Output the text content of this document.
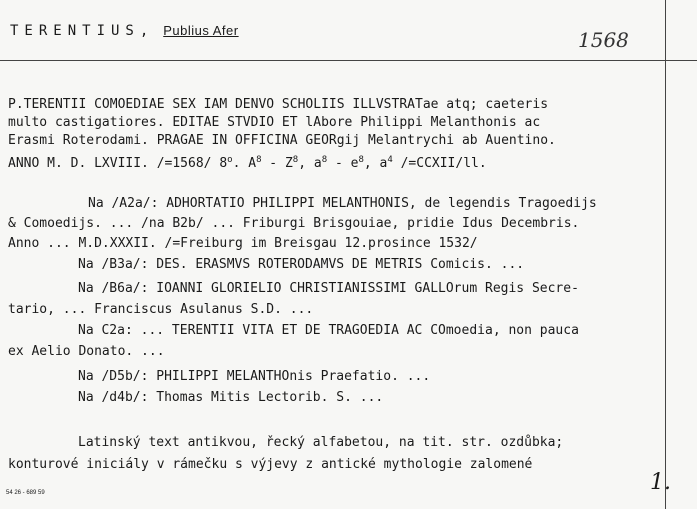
TERENTIUS, Publius Afer	1568
P.TERENTII COMOEDIAE SEX IAM DENVO SCHOLIIS ILLVSTRATae atq; caeteris
multo castigatiores. EDITAE STVDIO ET lAbore Philippi Melanthonis ac
Erasmi Roterodami. PRAGAE IN OFFICINA GEORgij Melantrychi ab Auentino.
ANNO M. D. LXVIII. /=1568/ 8$^o$. $A^8 - Z^8$, $a^8 - e^8$, $a^4$ /=CCXII/ll.
Na /A2a/: ADHORTATIO PHILIPPI MELANTHONIS, de legendis Tragoedijs
& Comoedijs. ... /na B2b/ ... Friburgi Brisgouiae, pridie Idus Decembris.
Anno ... M.D.XXXII. /=Freiburg im Breisgau 12.prosince 1532/
Na /B3a/: DES. ERASMVS ROTERODAMVS DE METRIS Comicis. ...
Na /B6a/: IOANNI GLORIELIO CHRISTIANISSIMI GALLOrum Regis Secre-
tario, ... Franciscus Asulanus S.D. ...
Na C2a: ... TERENTII VITA ET DE TRAGOEDIA AC COmoedia, non pauca
ex Aelio Donato. ...
Na /D5b/: PHILIPPI MELANTHOnis Praefatio. ...
Na /d4b/: Thomas Mitis Lectorib. S. ...
Latinský text antikvou, řecký alfabetou, na tit. str. ozdůbka;
konturové iniciály v rámečku s výjevy z antické mythologie zalomené
54 26 - 689 59	1.
